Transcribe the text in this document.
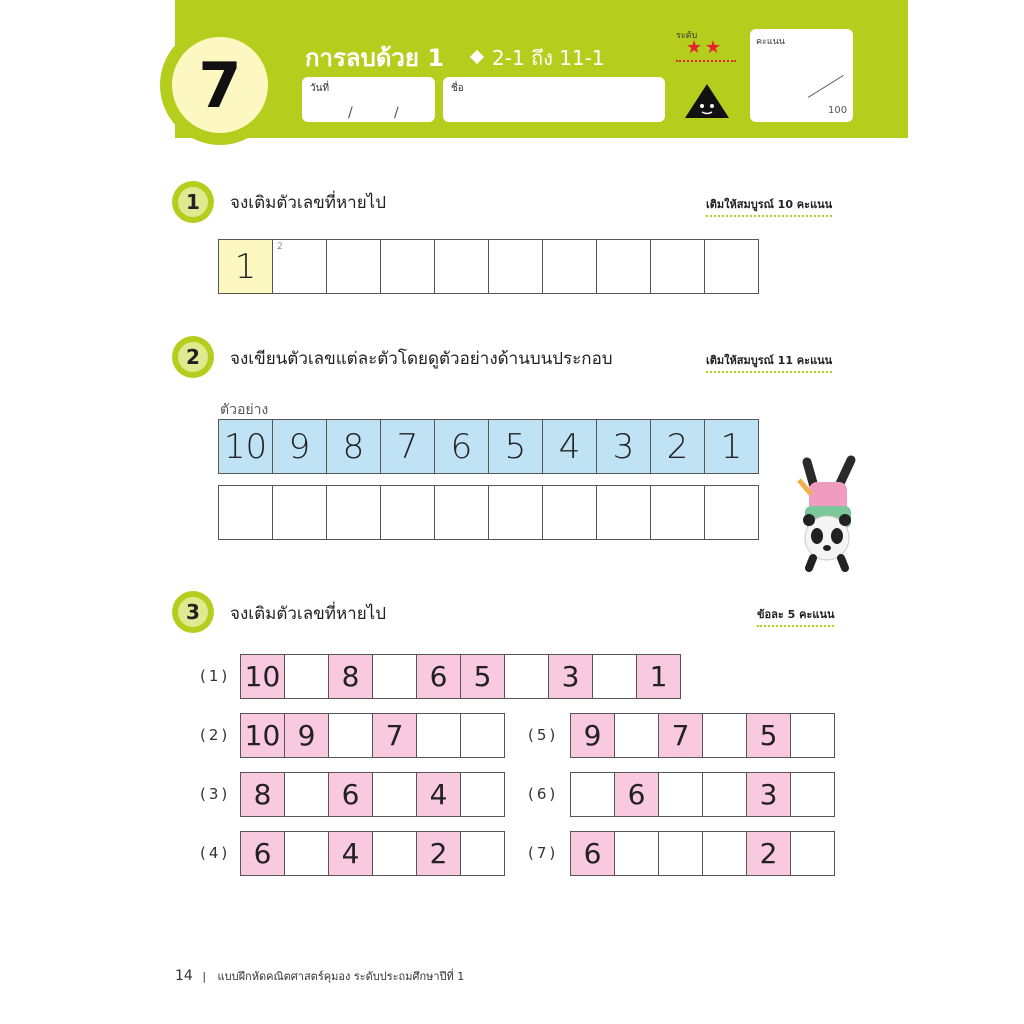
7	การลบด้วย 1 2-1 ถึง 11-1
วันที่
/	/
ชื่อ
ระดับ
★ ★	คะแนน
100
1	จงเติมตัวเลขที่หายไป	เติมให้สมบูรณ์ 10 คะแนน
1	2
2	จงเขียนตัวเลขแต่ละตัวโดยดูตัวอย่างด้านบนประกอบ	เติมให้สมบูรณ์ 11 คะแนน
ตัวอย่าง
10 9 8 7 6 5 4 3 2 1
3	จงเติมตัวเลขที่หายไป	ข้อละ 5 คะแนน
(1) 10	8	6 5	3	1
(2) 10 9	7
(3) 8	6	4
(4) 6	4	2
(5) 9	7	5
(6)	6	3
(7) 6	2
14 | แบบฝึกหัดคณิตศาสตร์คุมอง ระดับประถมศึกษาปีที่ 1
